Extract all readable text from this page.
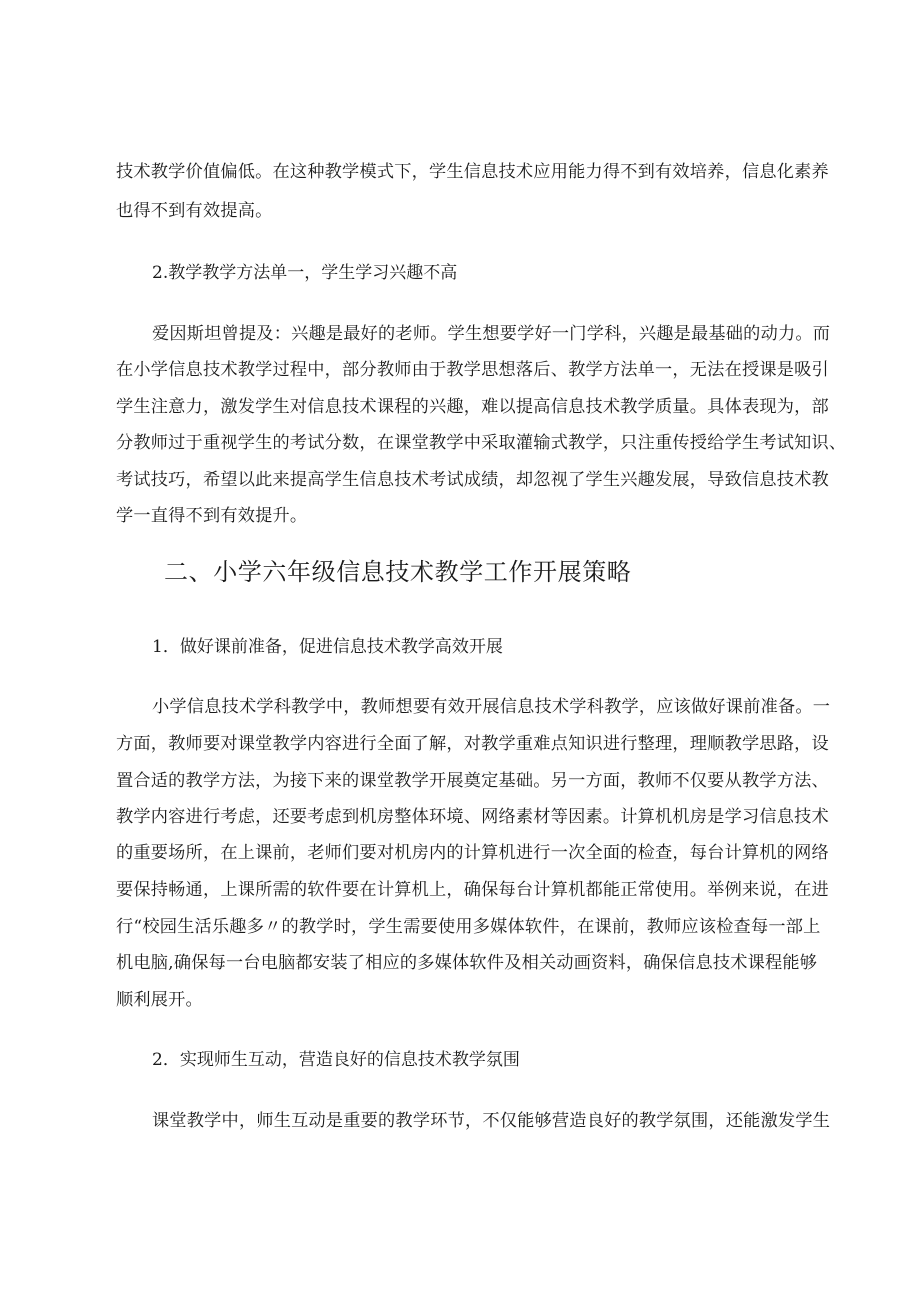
技术教学价值偏低。在这种教学模式下，学生信息技术应用能力得不到有效培养，信息化素养
也得不到有效提高。
2.教学教学方法单一，学生学习兴趣不高
爱因斯坦曾提及：兴趣是最好的老师。学生想要学好一门学科，兴趣是最基础的动力。而
在小学信息技术教学过程中，部分教师由于教学思想落后、教学方法单一，无法在授课是吸引
学生注意力，激发学生对信息技术课程的兴趣，难以提高信息技术教学质量。具体表现为，部
分教师过于重视学生的考试分数，在课堂教学中采取灌输式教学，只注重传授给学生考试知识、
考试技巧，希望以此来提高学生信息技术考试成绩，却忽视了学生兴趣发展，导致信息技术教
学一直得不到有效提升。
二、小学六年级信息技术教学工作开展策略
1．做好课前准备，促进信息技术教学高效开展
小学信息技术学科教学中，教师想要有效开展信息技术学科教学，应该做好课前准备。一
方面，教师要对课堂教学内容进行全面了解，对教学重难点知识进行整理，理顺教学思路，设
置合适的教学方法，为接下来的课堂教学开展奠定基础。另一方面，教师不仅要从教学方法、
教学内容进行考虑，还要考虑到机房整体环境、网络素材等因素。计算机机房是学习信息技术
的重要场所，在上课前，老师们要对机房内的计算机进行一次全面的检查，每台计算机的网络
要保持畅通，上课所需的软件要在计算机上，确保每台计算机都能正常使用。举例来说，在进
行“校园生活乐趣多〃的教学时，学生需要使用多媒体软件，在课前，教师应该检查每一部上
机电脑,确保每一台电脑都安装了相应的多媒体软件及相关动画资料，确保信息技术课程能够
顺利展开。
2．实现师生互动，营造良好的信息技术教学氛围
课堂教学中，师生互动是重要的教学环节，不仅能够营造良好的教学氛围，还能激发学生
